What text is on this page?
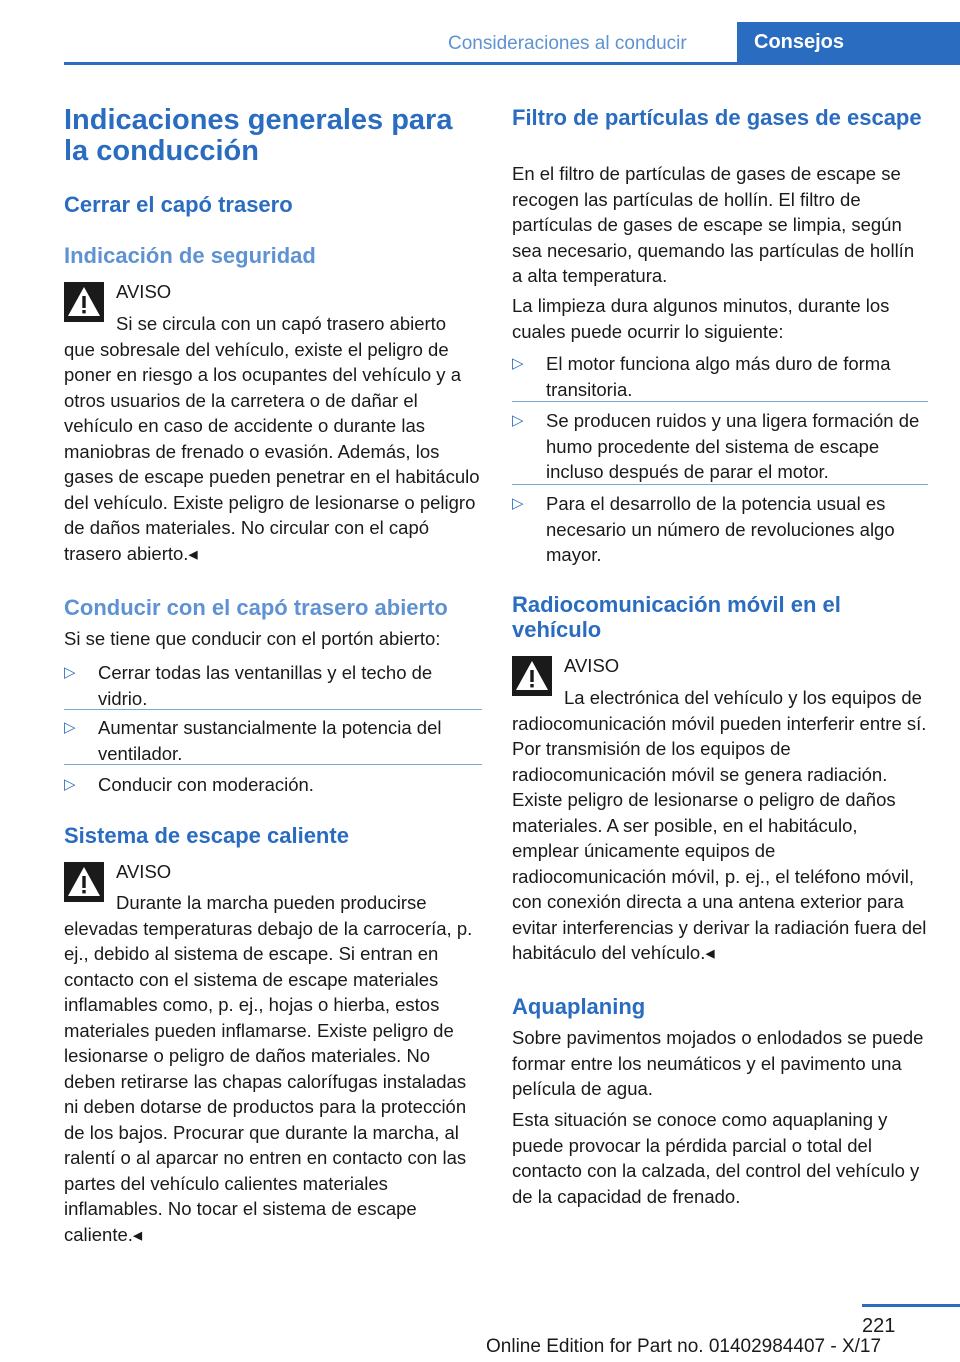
Consideraciones al conducir	Consejos
Indicaciones generales para la conducción
Cerrar el capó trasero
Indicación de seguridad
AVISO
Si se circula con un capó trasero abierto que sobresale del vehículo, existe el peligro de poner en riesgo a los ocupantes del vehículo y a otros usuarios de la carretera o de dañar el vehículo en caso de accidente o durante las maniobras de frenado o evasión. Además, los gases de escape pueden penetrar en el habitáculo del vehículo. Existe peligro de lesionarse o peligro de daños materiales. No circular con el capó trasero abierto.◂
Conducir con el capó trasero abierto
Si se tiene que conducir con el portón abierto:
▷ Cerrar todas las ventanillas y el techo de vidrio.
▷ Aumentar sustancialmente la potencia del ventilador.
▷ Conducir con moderación.
Sistema de escape caliente
AVISO
Durante la marcha pueden producirse elevadas temperaturas debajo de la carrocería, p. ej., debido al sistema de escape. Si entran en contacto con el sistema de escape materiales inflamables como, p. ej., hojas o hierba, estos materiales pueden inflamarse. Existe peligro de lesionarse o peligro de daños materiales. No deben retirarse las chapas calorífugas instaladas ni deben dotarse de productos para la protección de los bajos. Procurar que durante la marcha, al ralentí o al aparcar no entren en contacto con las partes del vehículo calientes materiales inflamables. No tocar el sistema de escape caliente.◂
Filtro de partículas de gases de escape
En el filtro de partículas de gases de escape se recogen las partículas de hollín. El filtro de partículas de gases de escape se limpia, según sea necesario, quemando las partículas de hollín a alta temperatura.
La limpieza dura algunos minutos, durante los cuales puede ocurrir lo siguiente:
▷ El motor funciona algo más duro de forma transitoria.
▷ Se producen ruidos y una ligera formación de humo procedente del sistema de escape incluso después de parar el motor.
▷ Para el desarrollo de la potencia usual es necesario un número de revoluciones algo mayor.
Radiocomunicación móvil en el vehículo
AVISO
La electrónica del vehículo y los equipos de radiocomunicación móvil pueden interferir entre sí. Por transmisión de los equipos de radiocomunicación móvil se genera radiación. Existe peligro de lesionarse o peligro de daños materiales. A ser posible, en el habitáculo, emplear únicamente equipos de radiocomunicación móvil, p. ej., el teléfono móvil, con conexión directa a una antena exterior para evitar interferencias y derivar la radiación fuera del habitáculo del vehículo.◂
Aquaplaning
Sobre pavimentos mojados o enlodados se puede formar entre los neumáticos y el pavimento una película de agua.
Esta situación se conoce como aquaplaning y puede provocar la pérdida parcial o total del contacto con la calzada, del control del vehículo y de la capacidad de frenado.
221
Online Edition for Part no. 01402984407 - X/17
